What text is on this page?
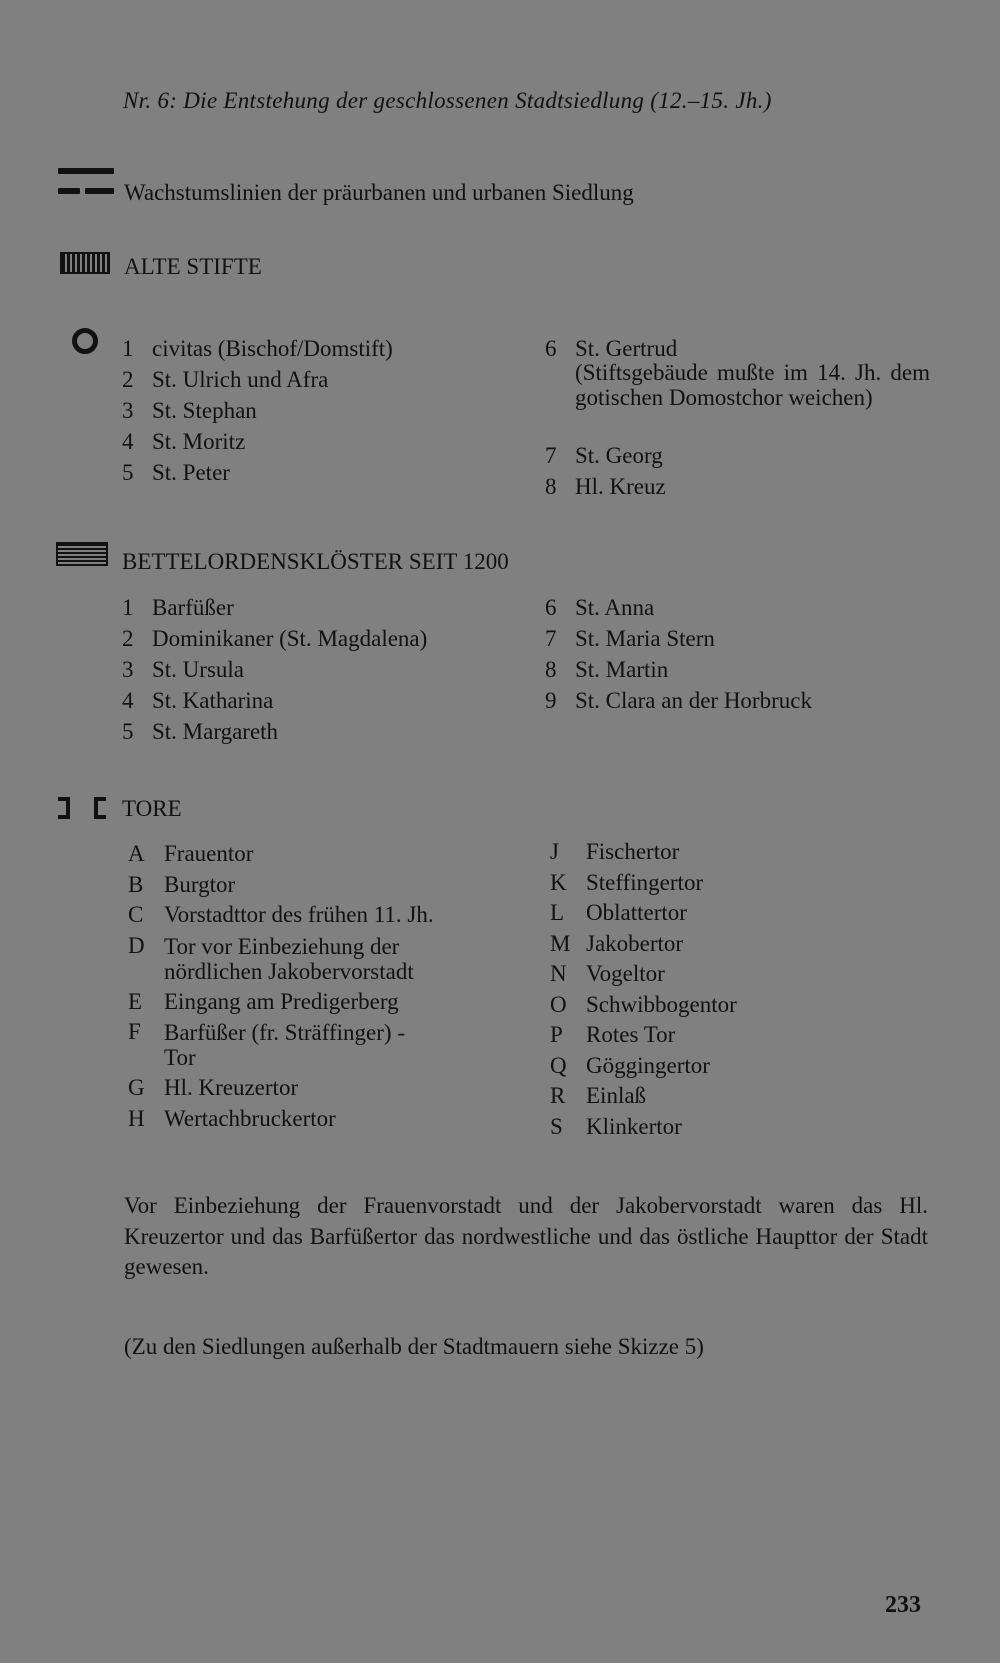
Nr. 6: Die Entstehung der geschlossenen Stadtsiedlung (12.–15. Jh.)
Wachstumslinien der präurbanen und urbanen Siedlung
ALTE STIFTE
1 civitas (Bischof/Domstift)
2 St. Ulrich und Afra
3 St. Stephan
4 St. Moritz
5 St. Peter
6 St. Gertrud
(Stiftsgebäude mußte im 14. Jh. dem gotischen Domostchor weichen)
7 St. Georg
8 Hl. Kreuz
BETTELORDENSKLÖSTER SEIT 1200
1 Barfüßer
2 Dominikaner (St. Magdalena)
3 St. Ursula
4 St. Katharina
5 St. Margareth
6 St. Anna
7 St. Maria Stern
8 St. Martin
9 St. Clara an der Horbruck
TORE
A Frauentor
B Burgtor
C Vorstadttor des frühen 11. Jh.
D Tor vor Einbeziehung der nördlichen Jakobervorstadt
E Eingang am Predigerberg
F	Barfüßer (fr. Sträffinger) -Tor
G Hl. Kreuzertor
H Wertachbruckertor
J Fischertor
K Steffingertor
L Oblattertor
M Jakobertor
N Vogeltor
O Schwibbogentor
P Rotes Tor
Q Göggingertor
R Einlaß
S Klinkertor
Vor Einbeziehung der Frauenvorstadt und der Jakobervorstadt waren das Hl. Kreuzertor und das Barfüßertor das nordwestliche und das östliche Haupttor der Stadt gewesen.
(Zu den Siedlungen außerhalb der Stadtmauern siehe Skizze 5)
233
